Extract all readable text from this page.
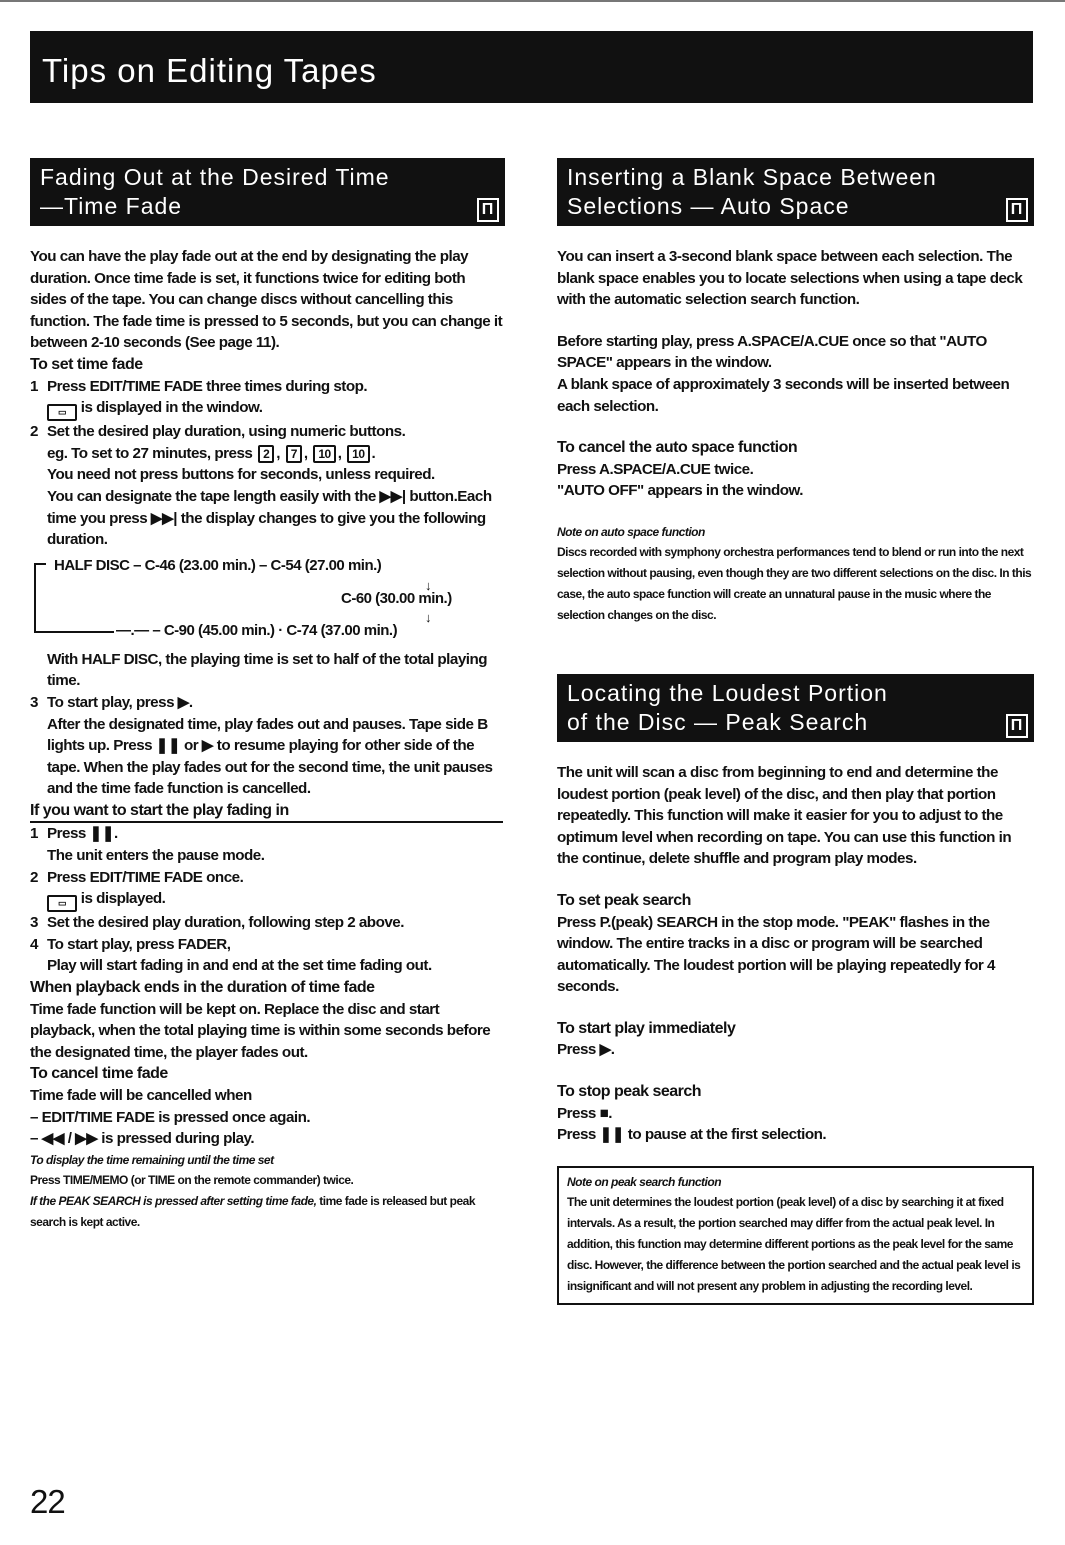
Tips on Editing Tapes
Fading Out at the Desired Time
—Time Fade	Π

You can have the play fade out at the end by designating the play duration. Once time fade is set, it functions twice for editing both sides of the tape. You can change discs without cancelling this function. The fade time is pressed to 5 seconds, but you can change it between 2-10 seconds (See page 11).

To set time fade

1 Press EDIT/TIME FADE three times during stop.
▭ is displayed in the window.
2 Set the desired play duration, using numeric buttons.
eg. To set to 27 minutes, press 2 , 7 , 10 , 10 .
You need not press buttons for seconds, unless required.
You can designate the tape length easily with the ▶▶| button.Each time you press ▶▶| the display changes to give you the following duration.
HALF DISC – C-46 (23.00 min.) – C-54 (27.00 min.)
↓
C-60 (30.00 min.)
↓
—.— – C-90 (45.00 min.) · C-74 (37.00 min.)

With HALF DISC, the playing time is set to half of the total playing time.

3 To start play, press ▶.
After the designated time, play fades out and pauses. Tape side B lights up. Press ❚❚ or ▶ to resume playing for other side of the tape. When the play fades out for the second time, the unit pauses and the time fade function is cancelled.

If you want to start the play fading in

1 Press ❚❚.
The unit enters the pause mode.
2 Press EDIT/TIME FADE once.
▭ is displayed.
3 Set the desired play duration, following step 2 above.
4 To start play, press FADER,
Play will start fading in and end at the set time fading out.

When playback ends in the duration of time fade

Time fade function will be kept on. Replace the disc and start playback, when the total playing time is within some seconds before the designated time, the player fades out.

To cancel time fade

Time fade will be cancelled when

– EDIT/TIME FADE is pressed once again.

– ◀◀ / ▶▶ is pressed during play.

To display the time remaining until the time set

Press TIME/MEMO (or TIME on the remote commander) twice.

If the PEAK SEARCH is pressed after setting time fade, time fade is released but peak search is kept active.

Inserting a Blank Space Between
Selections — Auto Space	Π

You can insert a 3-second blank space between each selection. The blank space enables you to locate selections when using a tape deck with the automatic selection search function.

Before starting play, press A.SPACE/A.CUE once so that "AUTO SPACE" appears in the window.

A blank space of approximately 3 seconds will be inserted between each selection.

To cancel the auto space function

Press A.SPACE/A.CUE twice.

"AUTO OFF" appears in the window.

Note on auto space function

Discs recorded with symphony orchestra performances tend to blend or run into the next selection without pausing, even though they are two different selections on the disc. In this case, the auto space function will create an unnatural pause in the music where the selection changes on the disc.

Locating the Loudest Portion
of the Disc — Peak Search	Π

The unit will scan a disc from beginning to end and determine the loudest portion (peak level) of the disc, and then play that portion repeatedly. This function will make it easier for you to adjust to the optimum level when recording on tape. You can use this function in the continue, delete shuffle and program play modes.

To set peak search

Press P.(peak) SEARCH in the stop mode. "PEAK" flashes in the window. The entire tracks in a disc or program will be searched automatically. The loudest portion will be playing repeatedly for 4 seconds.

To start play immediately

Press ▶.

To stop peak search

Press ■.

Press ❚❚ to pause at the first selection.

Note on peak search function

The unit determines the loudest portion (peak level) of a disc by searching it at fixed intervals. As a result, the portion searched may differ from the actual peak level. In addition, this function may determine different portions as the peak level for the same disc. However, the difference between the portion searched and the actual peak level is insignificant and will not present any problem in adjusting the recording level.

22
